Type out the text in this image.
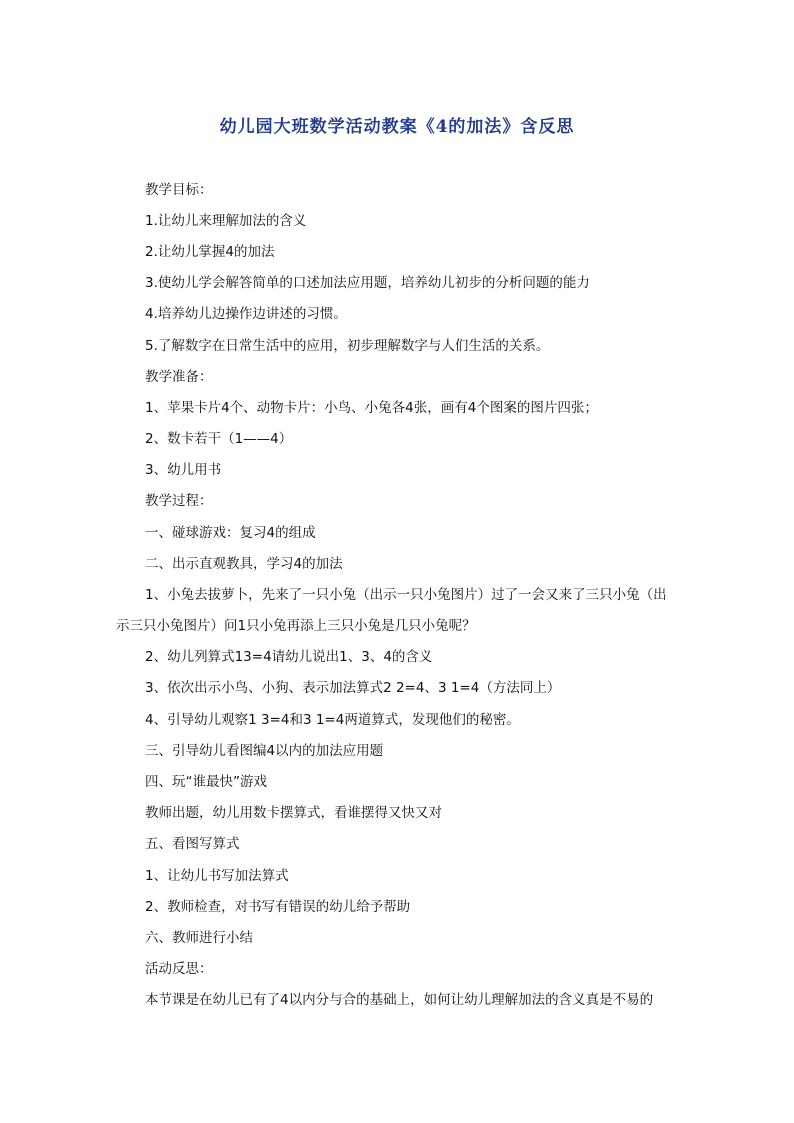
幼儿园大班数学活动教案《4的加法》含反思
教学目标：
1.让幼儿来理解加法的含义
2.让幼儿掌握4的加法
3.使幼儿学会解答简单的口述加法应用题，培养幼儿初步的分析问题的能力
4.培养幼儿边操作边讲述的习惯。
5.了解数字在日常生活中的应用，初步理解数字与人们生活的关系。
教学准备：
1、苹果卡片4个、动物卡片：小鸟、小兔各4张，画有4个图案的图片四张；
2、数卡若干（1——4）
3、幼儿用书
教学过程：
一、碰球游戏：复习4的组成
二、出示直观教具，学习4的加法
1、小兔去拔萝卜，先来了一只小兔（出示一只小兔图片）过了一会又来了三只小兔（出
示三只小兔图片）问1只小兔再添上三只小兔是几只小兔呢？
2、幼儿列算式13=4请幼儿说出1、3、4的含义
3、依次出示小鸟、小狗、表示加法算式2 2=4、3 1=4（方法同上）
4、引导幼儿观察1 3=4和3 1=4两道算式，发现他们的秘密。
三、引导幼儿看图编4以内的加法应用题
四、玩“谁最快”游戏
教师出题，幼儿用数卡摆算式，看谁摆得又快又对
五、看图写算式
1、让幼儿书写加法算式
2、教师检查，对书写有错误的幼儿给予帮助
六、教师进行小结
活动反思：
本节课是在幼儿已有了4以内分与合的基础上，如何让幼儿理解加法的含义真是不易的
